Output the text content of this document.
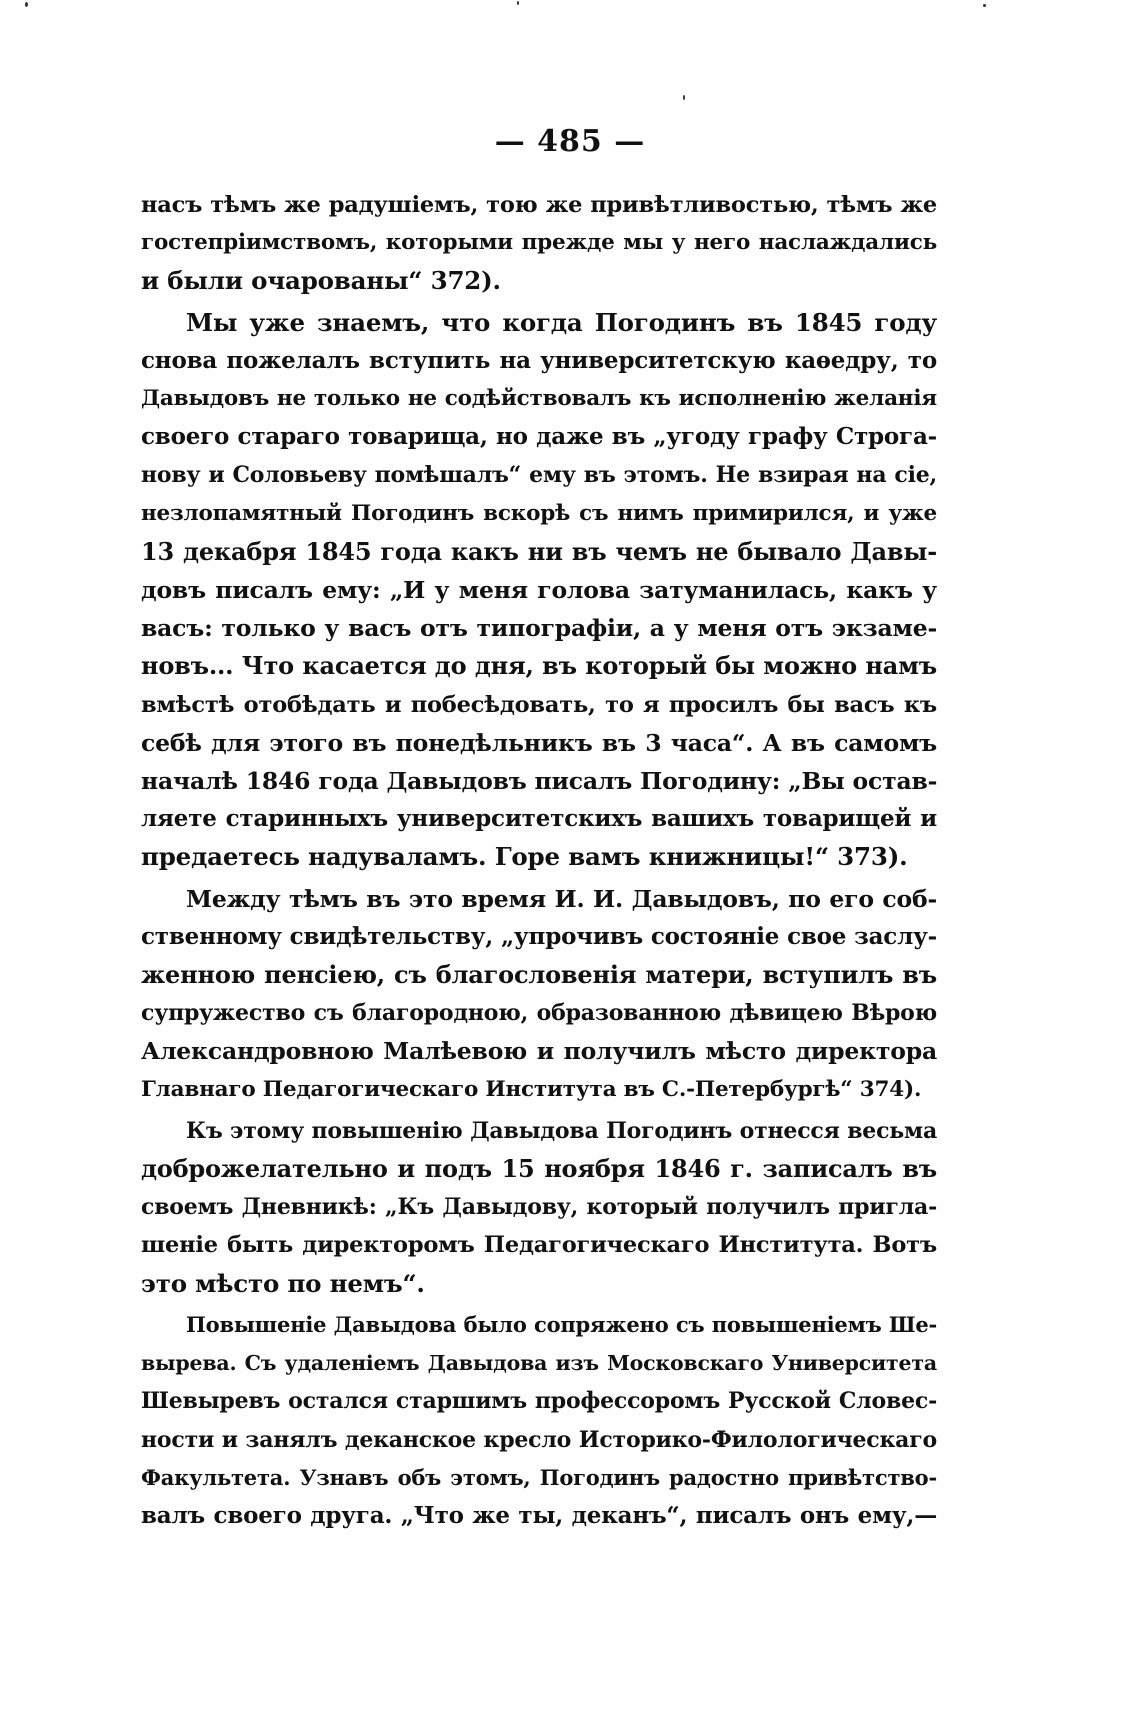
— 485 —

насъ тѣмъ же радушіемъ, тою же привѣтливостью, тѣмъ же
гостепріимствомъ, которыми прежде мы у него наслаждались
и были очарованы“ 372).

Мы уже знаемъ, что когда Погодинъ въ 1845 году
снова пожелалъ вступить на университетскую каѳедру, то
Давыдовъ не только не содѣйствовалъ къ исполненію желанія
своего стараго товарища, но даже въ „угоду графу Строга-
нову и Соловьеву помѣшалъ“ ему въ этомъ. Не взирая на сіе,
незлопамятный Погодинъ вскорѣ съ нимъ примирился, и уже
13 декабря 1845 года какъ ни въ чемъ не бывало Давы-
довъ писалъ ему: „И у меня голова затуманилась, какъ у
васъ: только у васъ отъ типографіи, а у меня отъ экзаме-
новъ... Что касается до дня, въ который бы можно намъ
вмѣстѣ отобѣдать и побесѣдовать, то я просилъ бы васъ къ
себѣ для этого въ понедѣльникъ въ 3 часа“. А въ самомъ
началѣ 1846 года Давыдовъ писалъ Погодину: „Вы остав-
ляете старинныхъ университетскихъ вашихъ товарищей и
предаетесь надуваламъ. Горе вамъ книжницы!“ 373).

Между тѣмъ въ это время И. И. Давыдовъ, по его соб-
ственному свидѣтельству, „упрочивъ состояніе свое заслу-
женною пенсіею, съ благословенія матери, вступилъ въ
супружество съ благородною, образованною дѣвицею Вѣрою
Александровною Малѣевою и получилъ мѣсто директора
Главнаго Педагогическаго Института въ С.-Петербургѣ“ 374).

Къ этому повышенію Давыдова Погодинъ отнесся весьма
доброжелательно и подъ 15 ноября 1846 г. записалъ въ
своемъ Дневникѣ: „Къ Давыдову, который получилъ пригла-
шеніе быть директоромъ Педагогическаго Института. Вотъ
это мѣсто по немъ“.

Повышеніе Давыдова было сопряжено съ повышеніемъ Ше-
вырева. Съ удаленіемъ Давыдова изъ Московскаго Университета
Шевыревъ остался старшимъ профессоромъ Русской Словес-
ности и занялъ деканское кресло Историко-Филологическаго
Факультета. Узнавъ объ этомъ, Погодинъ радостно привѣтство-
валъ своего друга. „Что же ты, деканъ“, писалъ онъ ему,—
